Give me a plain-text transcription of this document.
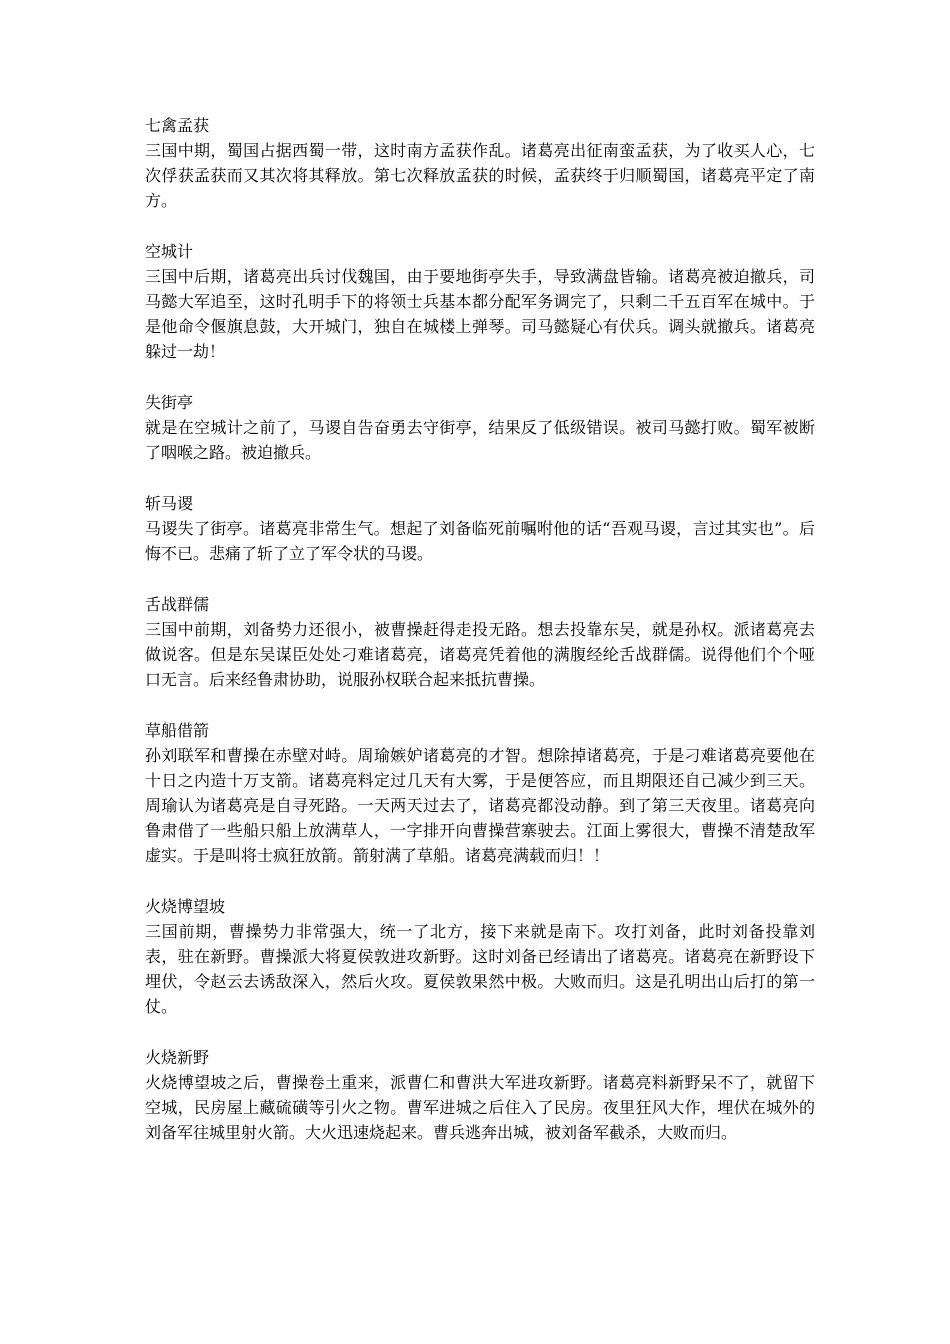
七禽孟获

三国中期，蜀国占据西蜀一带，这时南方孟获作乱。诸葛亮出征南蛮孟获，为了收买人心，七次俘获孟获而又其次将其释放。第七次释放孟获的时候，孟获终于归顺蜀国，诸葛亮平定了南方。

空城计

三国中后期，诸葛亮出兵讨伐魏国，由于要地街亭失手，导致满盘皆输。诸葛亮被迫撤兵，司马懿大军追至，这时孔明手下的将领士兵基本都分配军务调完了，只剩二千五百军在城中。于是他命令偃旗息鼓，大开城门，独自在城楼上弹琴。司马懿疑心有伏兵。调头就撤兵。诸葛亮躲过一劫！

失街亭

就是在空城计之前了，马谡自告奋勇去守街亭，结果反了低级错误。被司马懿打败。蜀军被断了咽喉之路。被迫撤兵。

斩马谡

马谡失了街亭。诸葛亮非常生气。想起了刘备临死前嘱咐他的话“吾观马谡，言过其实也”。后悔不已。悲痛了斩了立了军令状的马谡。

舌战群儒

三国中前期，刘备势力还很小，被曹操赶得走投无路。想去投靠东吴，就是孙权。派诸葛亮去做说客。但是东吴谋臣处处刁难诸葛亮，诸葛亮凭着他的满腹经纶舌战群儒。说得他们个个哑口无言。后来经鲁肃协助，说服孙权联合起来抵抗曹操。

草船借箭

孙刘联军和曹操在赤壁对峙。周瑜嫉妒诸葛亮的才智。想除掉诸葛亮，于是刁难诸葛亮要他在十日之内造十万支箭。诸葛亮料定过几天有大雾，于是便答应，而且期限还自己减少到三天。周瑜认为诸葛亮是自寻死路。一天两天过去了，诸葛亮都没动静。到了第三天夜里。诸葛亮向鲁肃借了一些船只船上放满草人，一字排开向曹操营寨驶去。江面上雾很大，曹操不清楚敌军虚实。于是叫将士疯狂放箭。箭射满了草船。诸葛亮满载而归！！

火烧博望坡

三国前期，曹操势力非常强大，统一了北方，接下来就是南下。攻打刘备，此时刘备投靠刘表，驻在新野。曹操派大将夏侯敦进攻新野。这时刘备已经请出了诸葛亮。诸葛亮在新野设下埋伏，令赵云去诱敌深入，然后火攻。夏侯敦果然中极。大败而归。这是孔明出山后打的第一仗。

火烧新野

火烧博望坡之后，曹操卷土重来，派曹仁和曹洪大军进攻新野。诸葛亮料新野呆不了，就留下空城，民房屋上藏硫磺等引火之物。曹军进城之后住入了民房。夜里狂风大作，埋伏在城外的刘备军往城里射火箭。大火迅速烧起来。曹兵逃奔出城，被刘备军截杀，大败而归。
